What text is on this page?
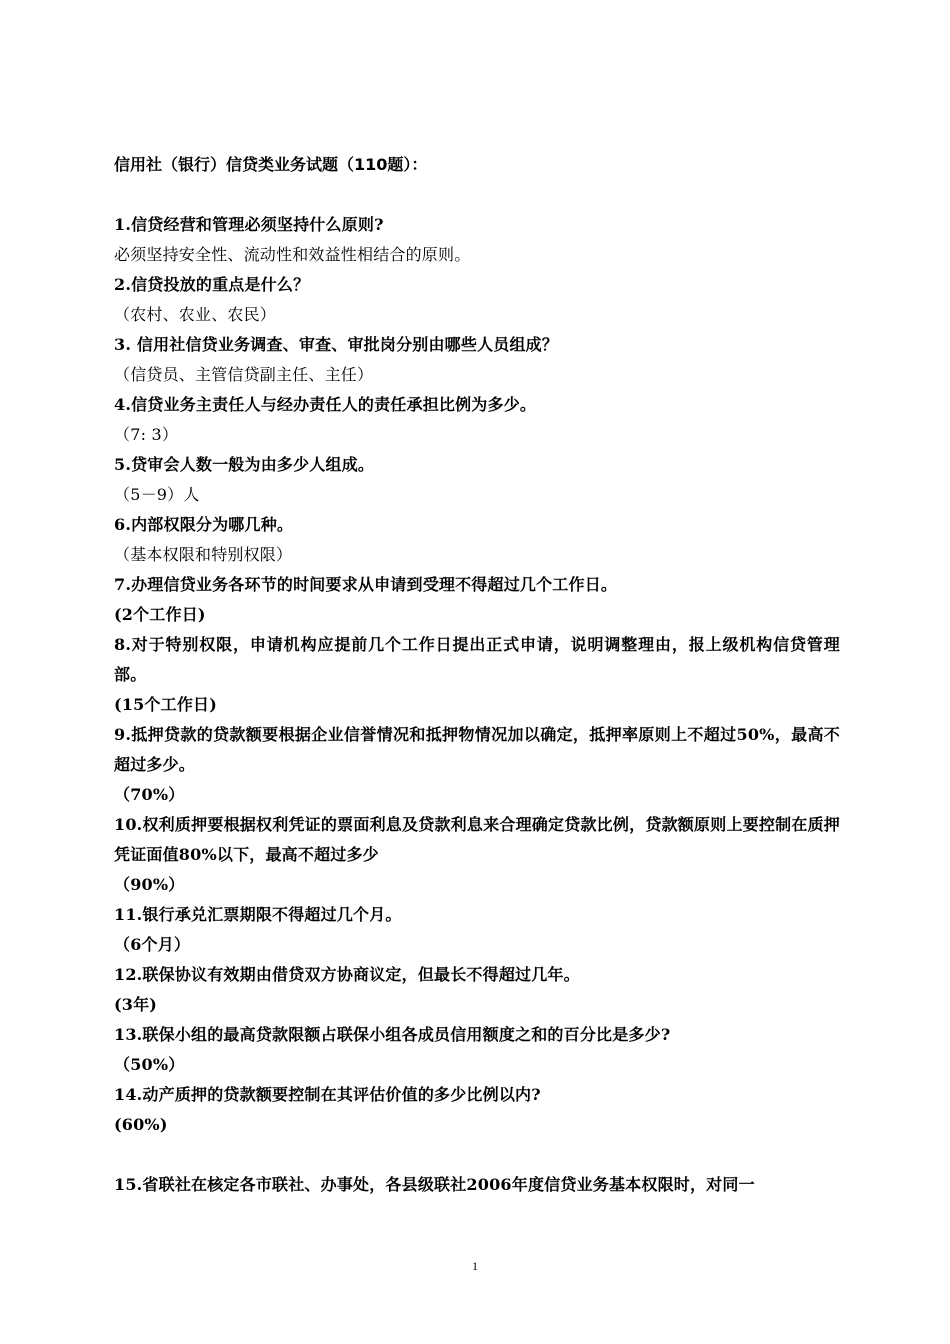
信用社（银行）信贷类业务试题（110题）：
1.信贷经营和管理必须坚持什么原则?
必须坚持安全性、流动性和效益性相结合的原则。
2.信贷投放的重点是什么？
（农村、农业、农民）
3. 信用社信贷业务调查、审查、审批岗分别由哪些人员组成？
（信贷员、主管信贷副主任、主任）
4.信贷业务主责任人与经办责任人的责任承担比例为多少。
（7: 3）
5.贷审会人数一般为由多少人组成。
（5－9）人
6.内部权限分为哪几种。
（基本权限和特别权限）
7.办理信贷业务各环节的时间要求从申请到受理不得超过几个工作日。
(2个工作日)
8.对于特别权限，申请机构应提前几个工作日提出正式申请，说明调整理由，报上级机构信贷管理部。
(15个工作日)
9.抵押贷款的贷款额要根据企业信誉情况和抵押物情况加以确定，抵押率原则上不超过50%，最高不超过多少。
（70%）
10.权利质押要根据权利凭证的票面利息及贷款利息来合理确定贷款比例，贷款额原则上要控制在质押凭证面值80%以下，最高不超过多少
（90%）
11.银行承兑汇票期限不得超过几个月。
（6个月）
12.联保协议有效期由借贷双方协商议定，但最长不得超过几年。
(3年)
13.联保小组的最高贷款限额占联保小组各成员信用额度之和的百分比是多少?
（50%）
14.动产质押的贷款额要控制在其评估价值的多少比例以内?
(60%)
15.省联社在核定各市联社、办事处，各县级联社2006年度信贷业务基本权限时，对同一
1
